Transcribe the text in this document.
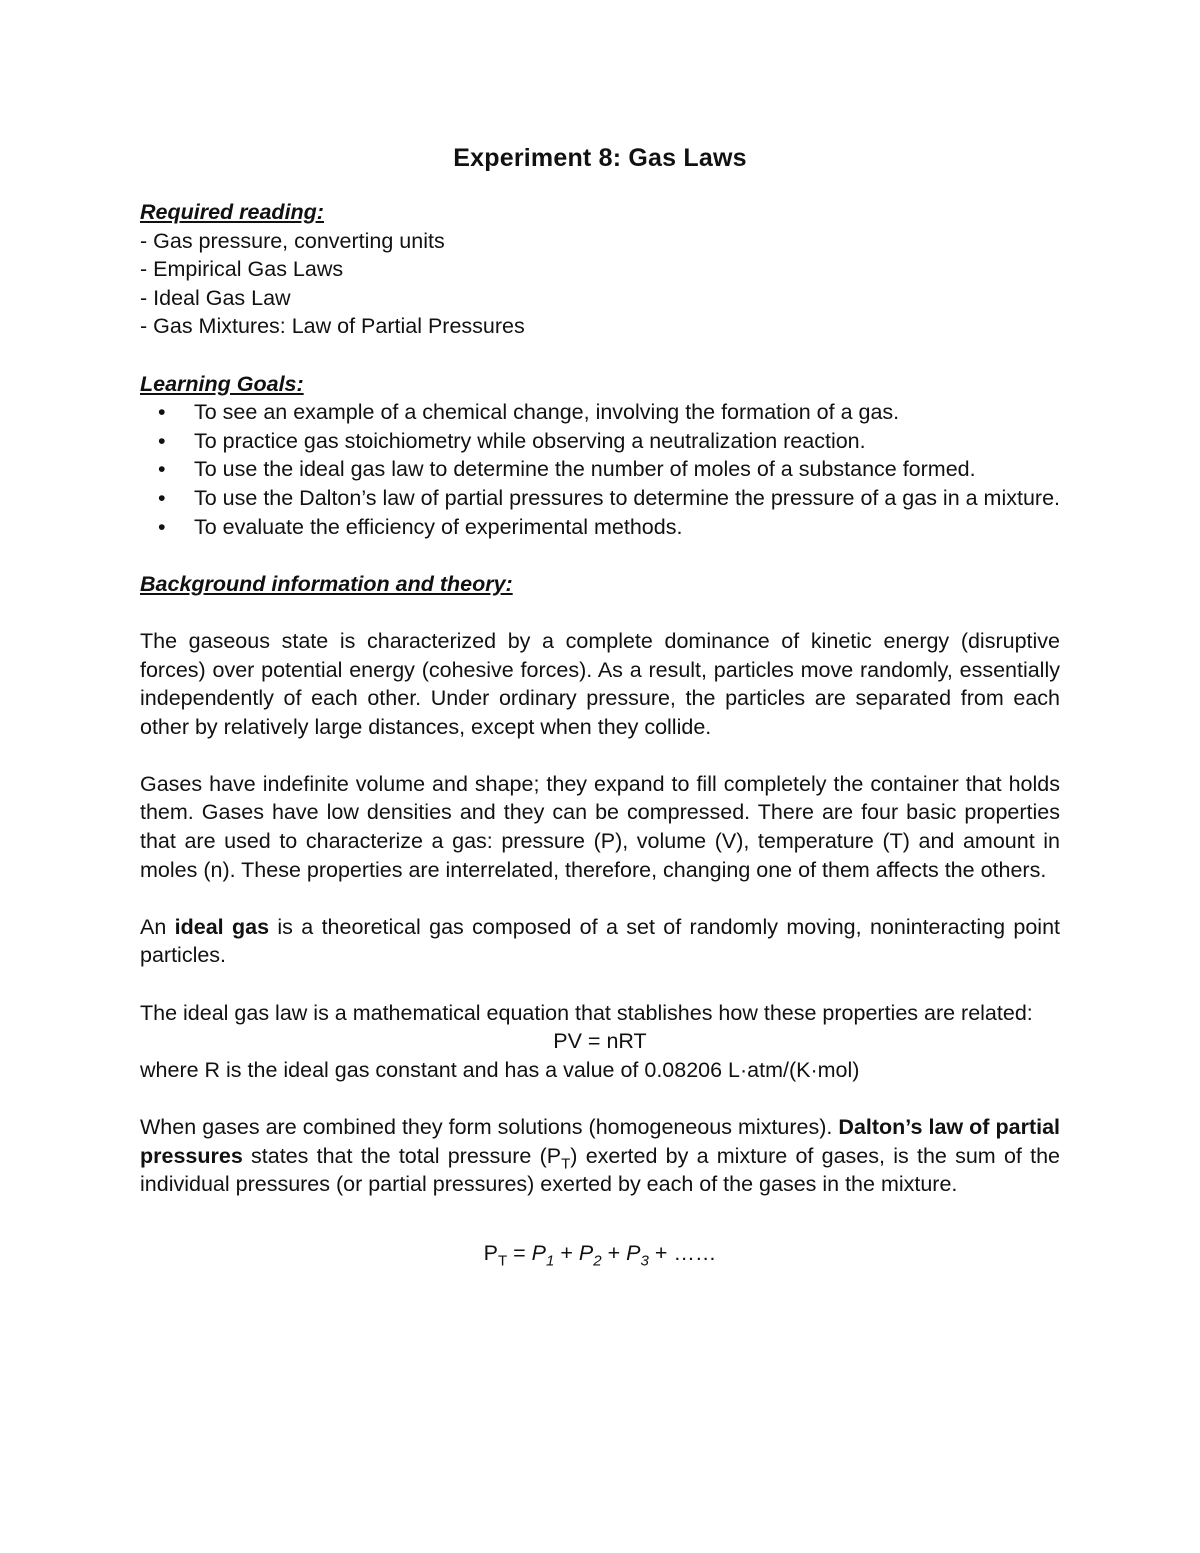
Experiment 8: Gas Laws
Required reading:
- Gas pressure, converting units
- Empirical Gas Laws
- Ideal Gas Law
- Gas Mixtures: Law of Partial Pressures
Learning Goals:
• To see an example of a chemical change, involving the formation of a gas.
• To practice gas stoichiometry while observing a neutralization reaction.
• To use the ideal gas law to determine the number of moles of a substance formed.
• To use the Dalton’s law of partial pressures to determine the pressure of a gas in a mixture.
• To evaluate the efficiency of experimental methods.
Background information and theory:

The gaseous state is characterized by a complete dominance of kinetic energy (disruptive forces) over potential energy (cohesive forces). As a result, particles move randomly, essentially independently of each other. Under ordinary pressure, the particles are separated from each other by relatively large distances, except when they collide.

Gases have indefinite volume and shape; they expand to fill completely the container that holds them. Gases have low densities and they can be compressed. There are four basic properties that are used to characterize a gas: pressure (P), volume (V), temperature (T) and amount in moles (n). These properties are interrelated, therefore, changing one of them affects the others.

An ideal gas is a theoretical gas composed of a set of randomly moving, noninteracting point particles.

The ideal gas law is a mathematical equation that stablishes how these properties are related:

PV = nRT
where R is the ideal gas constant and has a value of 0.08206 L·atm/(K·mol)

When gases are combined they form solutions (homogeneous mixtures). Dalton’s law of partial pressures states that the total pressure $(P_T)$ exerted by a mixture of gases, is the sum of the individual pressures (or partial pressures) exerted by each of the gases in the mixture.

$P_T = P_1 + P_2 + P_3$ + ……
